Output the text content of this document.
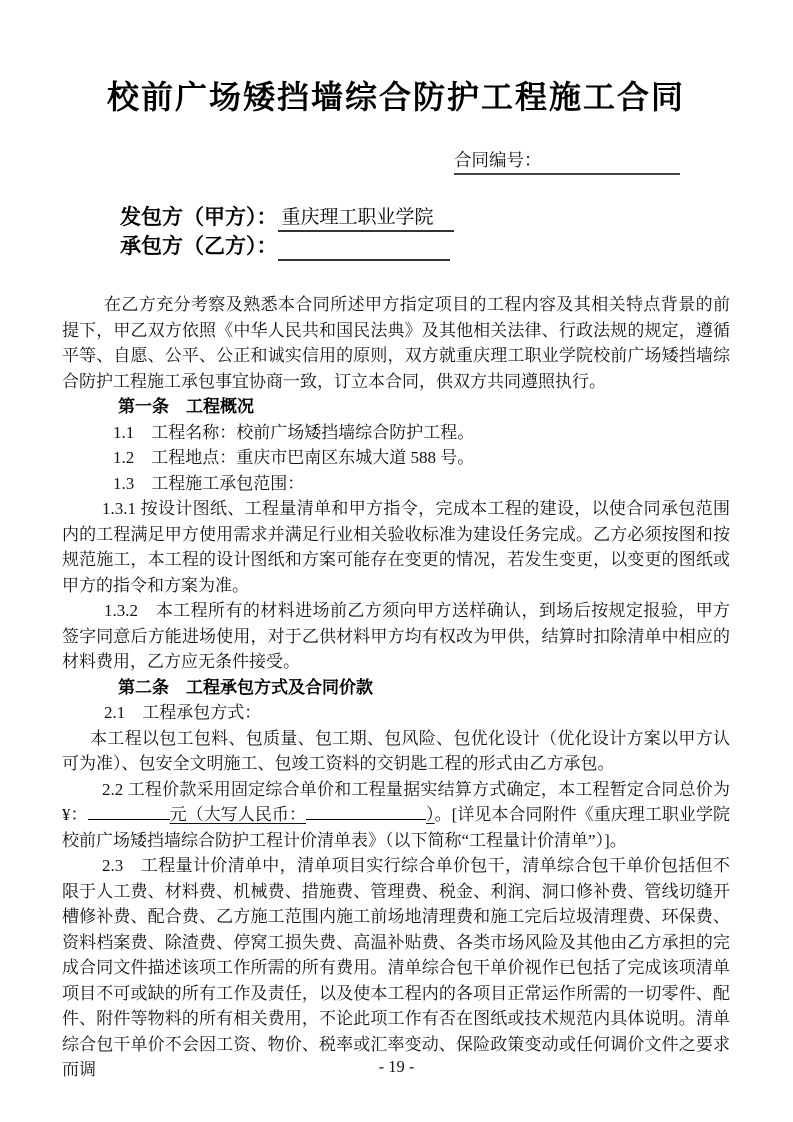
校前广场矮挡墙综合防护工程施工合同
合同编号：
发包方（甲方）： 重庆理工职业学院
承包方（乙方）：

在乙方充分考察及熟悉本合同所述甲方指定项目的工程内容及其相关特点背景的前提下，甲乙双方依照《中华人民共和国民法典》及其他相关法律、行政法规的规定，遵循平等、自愿、公平、公正和诚实信用的原则，双方就重庆理工职业学院校前广场矮挡墙综合防护工程施工承包事宜协商一致，订立本合同，供双方共同遵照执行。

第一条　工程概况

1.1　工程名称：校前广场矮挡墙综合防护工程。

1.2　工程地点：重庆市巴南区东城大道 588 号。

1.3　工程施工承包范围：

1.3.1 按设计图纸、工程量清单和甲方指令，完成本工程的建设，以使合同承包范围内的工程满足甲方使用需求并满足行业相关验收标准为建设任务完成。乙方必须按图和按规范施工，本工程的设计图纸和方案可能存在变更的情况，若发生变更，以变更的图纸或甲方的指令和方案为准。

1.3.2　本工程所有的材料进场前乙方须向甲方送样确认，到场后按规定报验，甲方签字同意后方能进场使用，对于乙供材料甲方均有权改为甲供，结算时扣除清单中相应的材料费用，乙方应无条件接受。

第二条　工程承包方式及合同价款

2.1　工程承包方式：

本工程以包工包料、包质量、包工期、包风险、包优化设计（优化设计方案以甲方认可为准）、包安全文明施工、包竣工资料的交钥匙工程的形式由乙方承包。

2.2 工程价款采用固定综合单价和工程量据实结算方式确定，本工程暂定合同总价为¥：	元（大写人民币：	）。[详见本合同附件《重庆理工职业学院校前广场矮挡墙综合防护工程计价清单表》（以下简称“工程量计价清单”）]。

2.3　工程量计价清单中，清单项目实行综合单价包干，清单综合包干单价包括但不限于人工费、材料费、机械费、措施费、管理费、税金、利润、洞口修补费、管线切缝开槽修补费、配合费、乙方施工范围内施工前场地清理费和施工完后垃圾清理费、环保费、资料档案费、除渣费、停窝工损失费、高温补贴费、各类市场风险及其他由乙方承担的完成合同文件描述该项工作所需的所有费用。清单综合包干单价视作已包括了完成该项清单项目不可或缺的所有工作及责任，以及使本工程内的各项目正常运作所需的一切零件、配件、附件等物料的所有相关费用，不论此项工作有否在图纸或技术规范内具体说明。清单综合包干单价不会因工资、物价、税率或汇率变动、保险政策变动或任何调价文件之要求而调	- 19 -
